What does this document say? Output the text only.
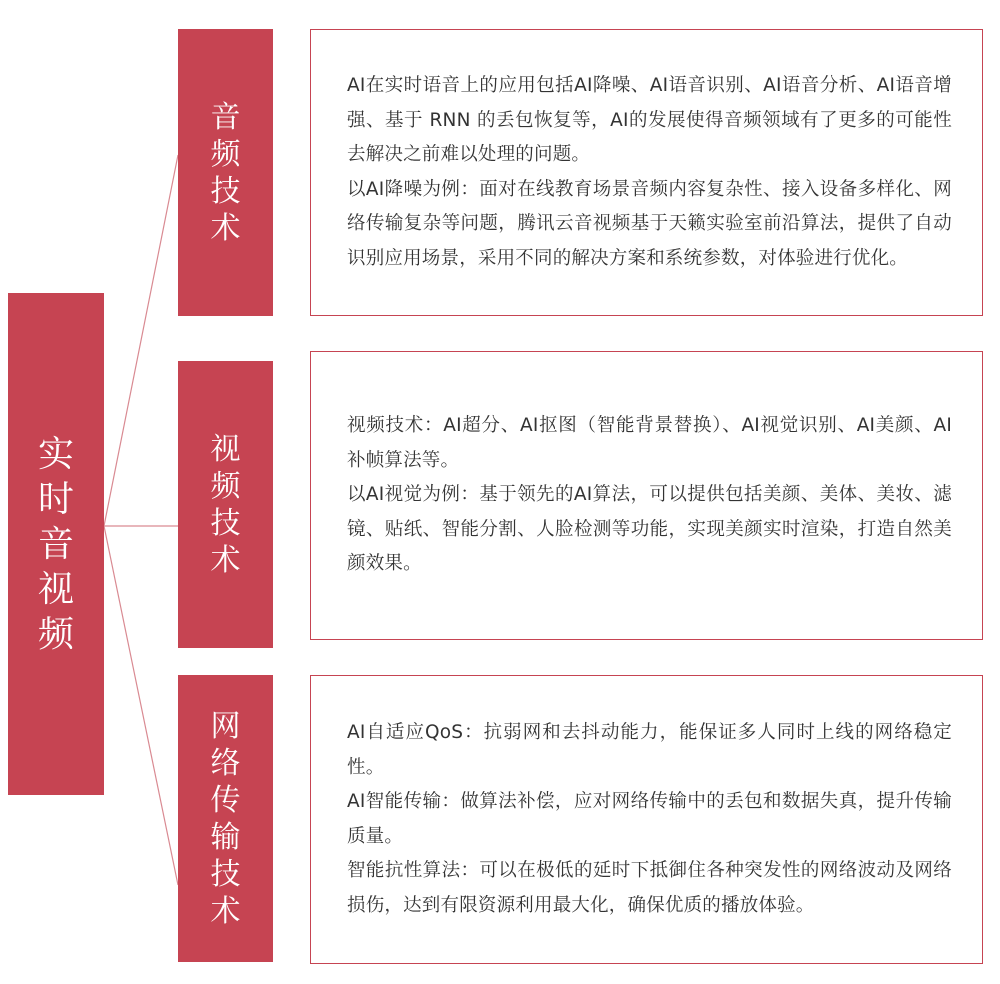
实时音视频
音频技术
视频技术
网络传输技术

AI在实时语音上的应用包括AI降噪、AI语音识别、AI语音分析、AI语音增强、基于 RNN 的丢包恢复等，AI的发展使得音频领域有了更多的可能性去解决之前难以处理的问题。

以AI降噪为例：面对在线教育场景音频内容复杂性、接入设备多样化、网络传输复杂等问题，腾讯云音视频基于天籁实验室前沿算法，提供了自动识别应用场景，采用不同的解决方案和系统参数，对体验进行优化。

视频技术：AI超分、AI抠图（智能背景替换）、AI视觉识别、AI美颜、AI补帧算法等。

以AI视觉为例：基于领先的AI算法，可以提供包括美颜、美体、美妆、滤镜、贴纸、智能分割、人脸检测等功能，实现美颜实时渲染，打造自然美颜效果。

AI自适应QoS：抗弱网和去抖动能力，能保证多人同时上线的网络稳定性。

AI智能传输：做算法补偿，应对网络传输中的丢包和数据失真，提升传输质量。

智能抗性算法：可以在极低的延时下抵御住各种突发性的网络波动及网络损伤，达到有限资源利用最大化，确保优质的播放体验。
